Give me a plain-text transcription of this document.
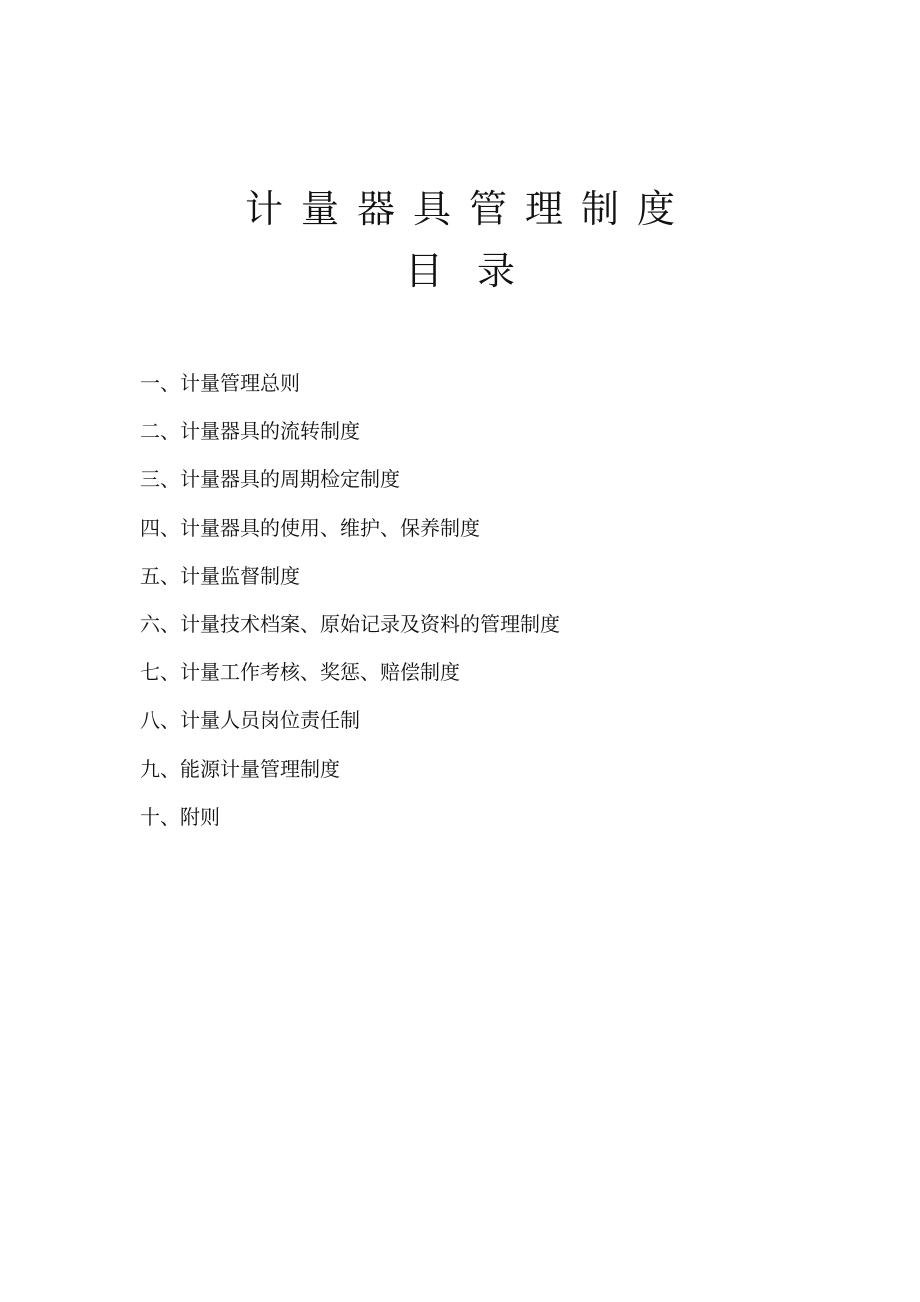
计量器具管理制度
目录
一、计量管理总则
二、计量器具的流转制度
三、计量器具的周期检定制度
四、计量器具的使用、维护、保养制度
五、计量监督制度
六、计量技术档案、原始记录及资料的管理制度
七、计量工作考核、奖惩、赔偿制度
八、计量人员岗位责任制
九、能源计量管理制度
十、附则
